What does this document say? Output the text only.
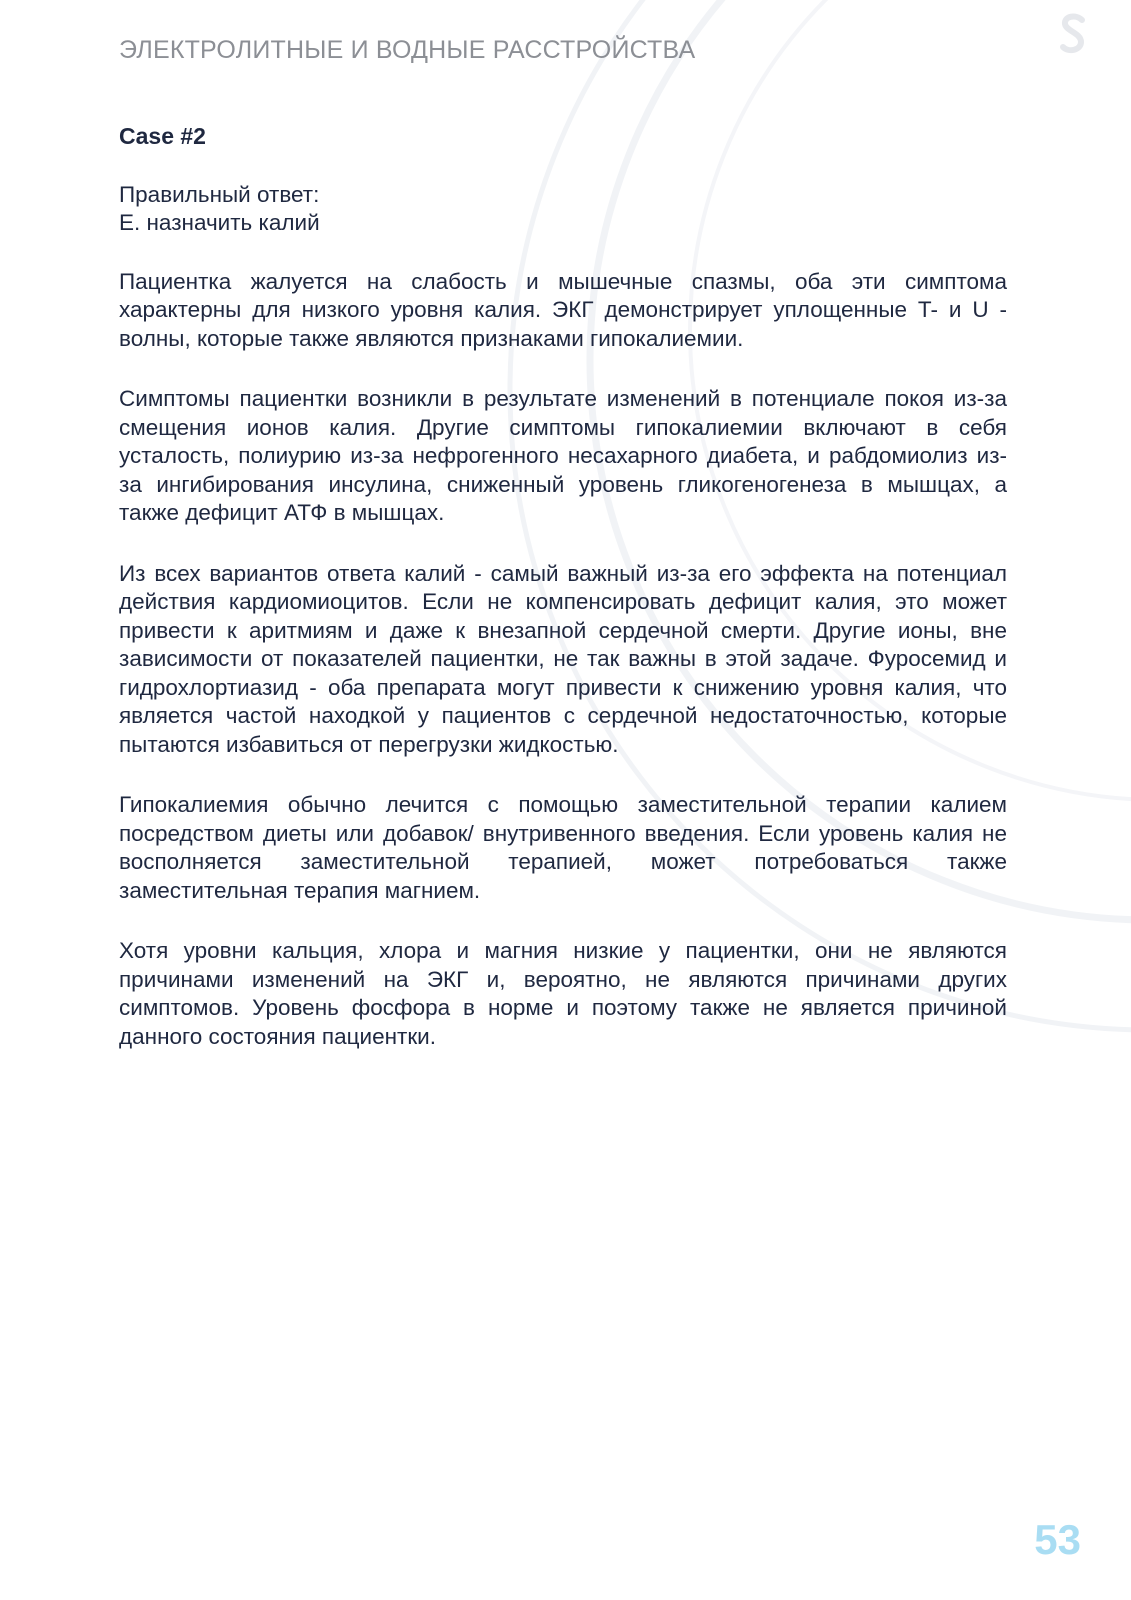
ЭЛЕКТРОЛИТНЫЕ И ВОДНЫЕ РАССТРОЙСТВА
Case #2
Правильный ответ:
E. назначить калий

Пациентка жалуется на слабость и мышечные спазмы, оба эти симптома характерны для низкого уровня калия. ЭКГ демонстрирует уплощенные T- и U - волны, которые также являются признаками гипокалиемии.

Симптомы пациентки возникли в результате изменений в потенциале покоя из-за смещения ионов калия. Другие симптомы гипокалиемии включают в себя усталость, полиурию из-за нефрогенного несахарного диабета, и рабдомиолиз из-за ингибирования инсулина, сниженный уровень гликогеногенеза в мышцах, а также дефицит АТФ в мышцах.

Из всех вариантов ответа калий - самый важный из-за его эффекта на потенциал действия кардиомиоцитов. Если не компенсировать дефицит калия, это может привести к аритмиям и даже к внезапной сердечной смерти. Другие ионы, вне зависимости от показателей пациентки, не так важны в этой задаче. Фуросемид и гидрохлортиазид - оба препарата могут привести к снижению уровня калия, что является частой находкой у пациентов с сердечной недостаточностью, которые пытаются избавиться от перегрузки жидкостью.

Гипокалиемия обычно лечится с помощью заместительной терапии калием посредством диеты или добавок/ внутривенного введения. Если уровень калия не восполняется заместительной терапией, может потребоваться также заместительная терапия магнием.

Хотя уровни кальция, хлора и магния низкие у пациентки, они не являются причинами изменений на ЭКГ и, вероятно, не являются причинами других симптомов. Уровень фосфора в норме и поэтому также не является причиной данного состояния пациентки.

53
